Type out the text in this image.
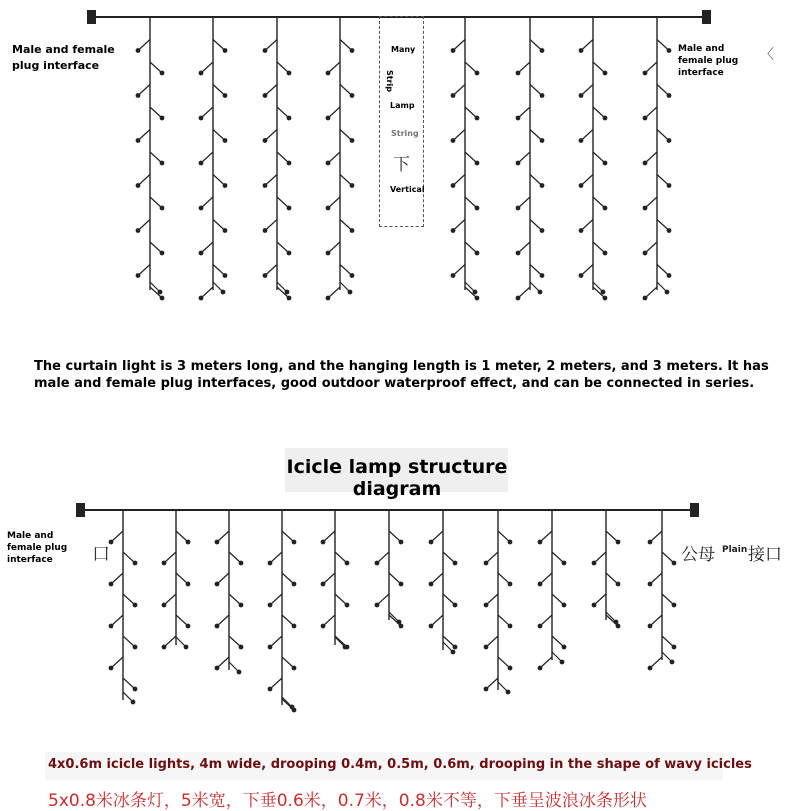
Male and female plug interface
Male and female plug interface
〈
Many
Strip
Lamp
String
下
Vertical
The curtain light is 3 meters long, and the hanging length is 1 meter, 2 meters, and 3 meters. It has male and female plug interfaces, good outdoor waterproof effect, and can be connected in series.
Icicle lamp structure diagram
Male and female plug interface	口	公母 Plain 接口
4x0.6m icicle lights, 4m wide, drooping 0.4m, 0.5m, 0.6m, drooping in the shape of wavy icicles
5x0.8米冰条灯，5米宽，下垂0.6米，0.7米，0.8米不等，下垂呈波浪冰条形状
